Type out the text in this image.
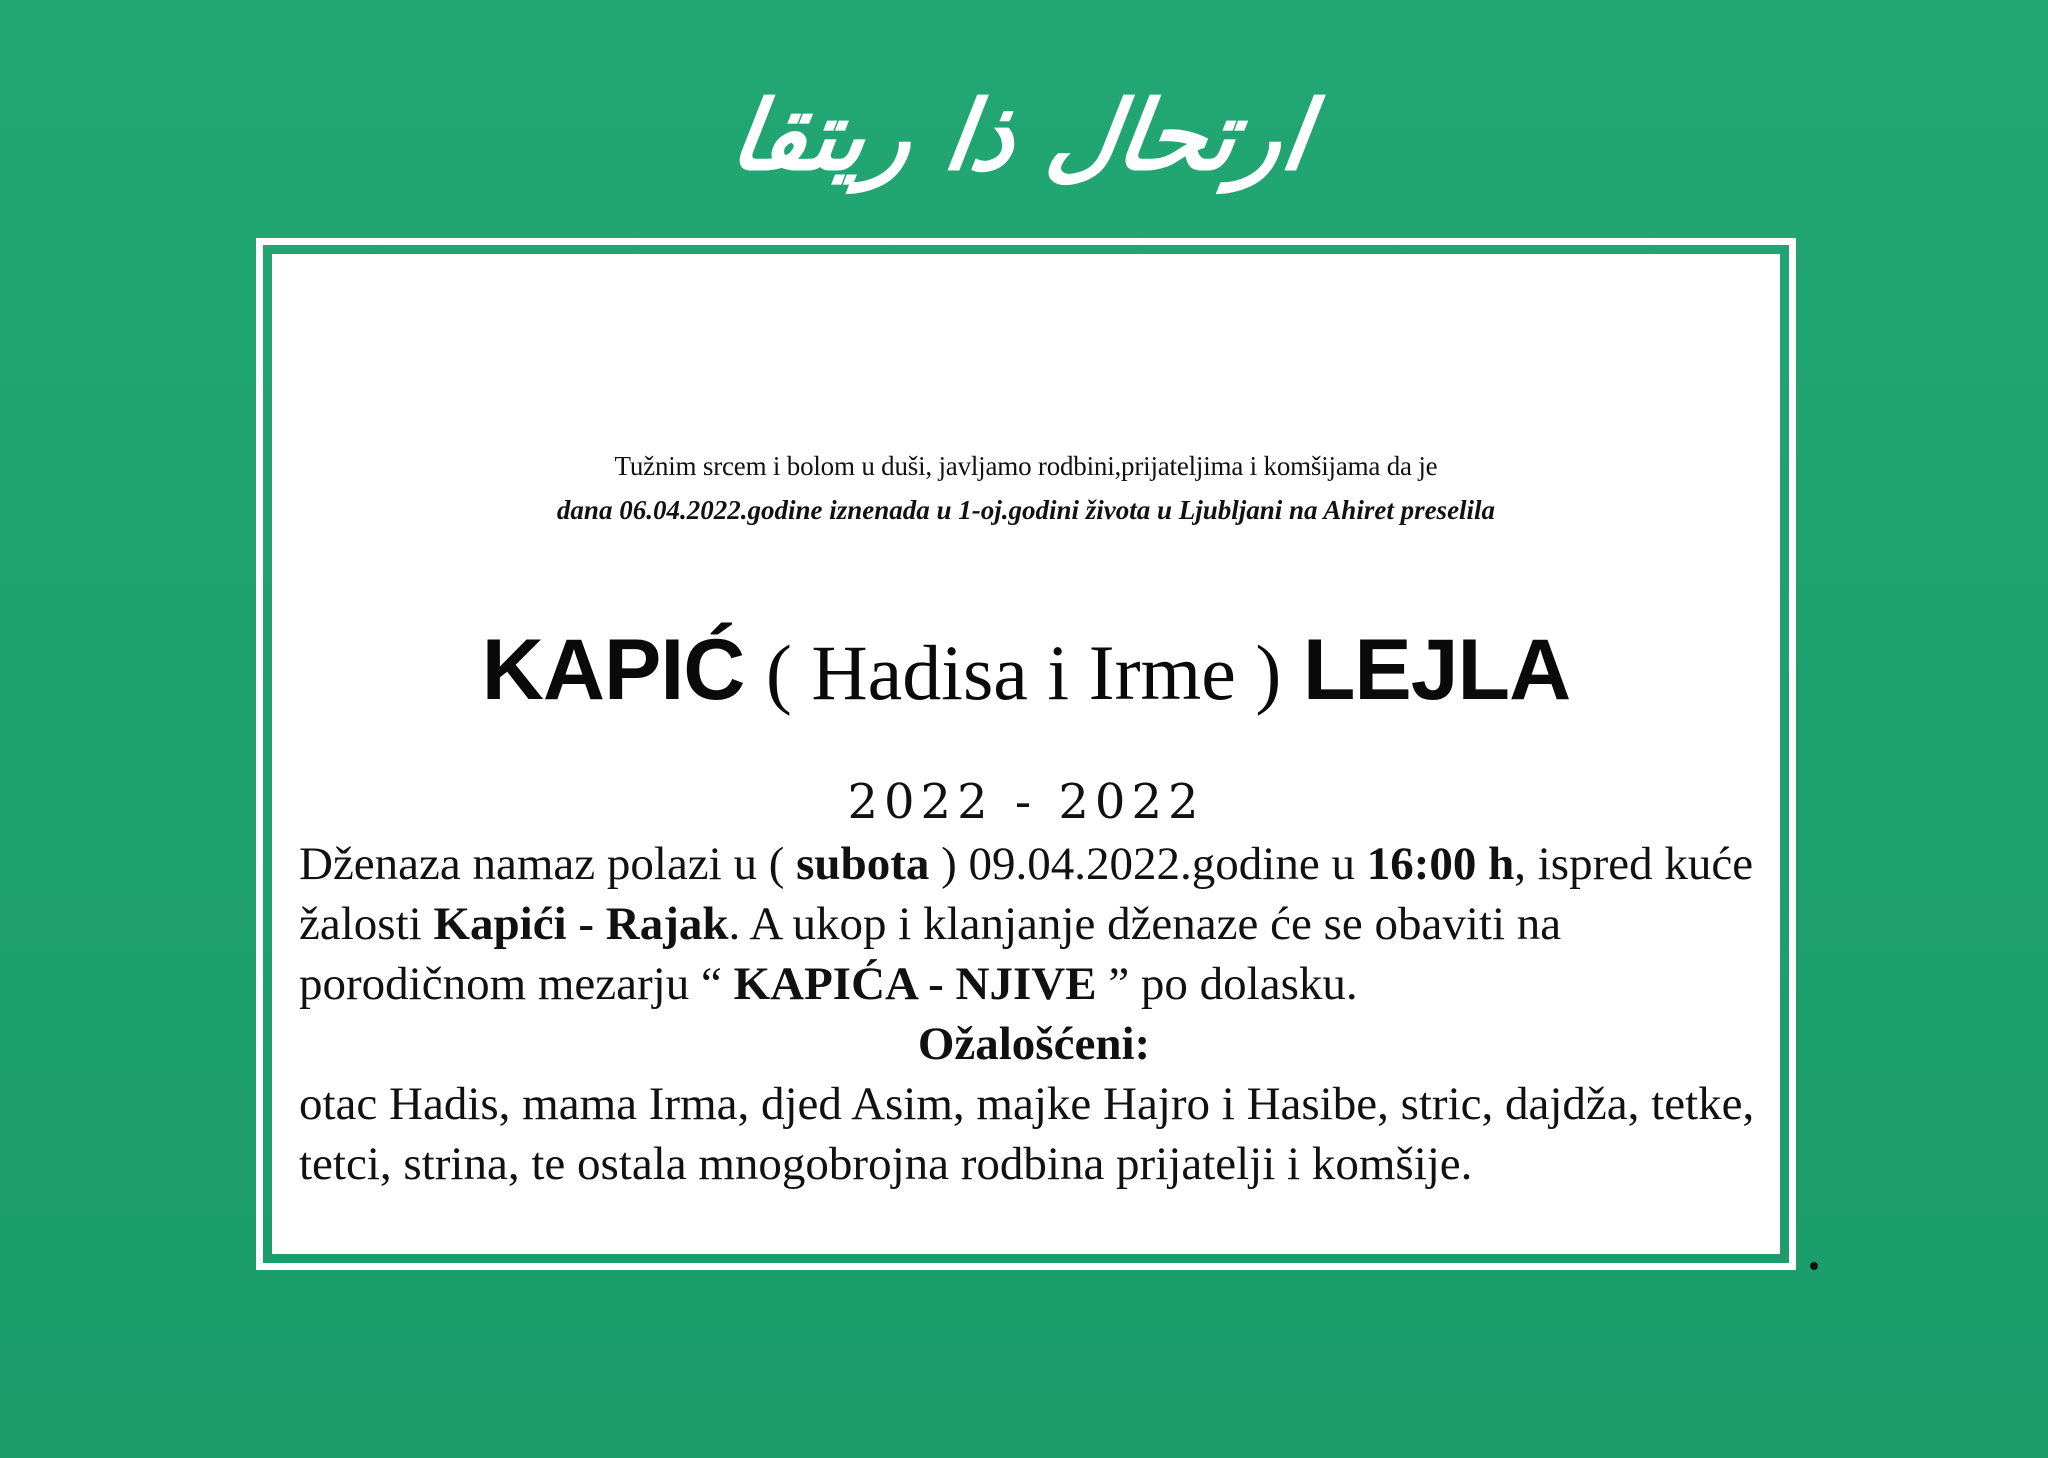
ارتحال ذا ريتقا
Tužnim srcem i bolom u duši, javljamo rodbini,prijateljima i komšijama da je
dana 06.04.2022.godine iznenada u 1-oj.godini života u Ljubljani na Ahiret preselila
KAPIĆ ( Hadisa i Irme ) LEJLA
2022 - 2022

Dženaza namaz polazi u ( subota ) 09.04.2022.godine u 16:00 h, ispred kuće žalosti Kapići - Rajak. A ukop i klanjanje dženaze će se obaviti na porodičnom mezarju “ KAPIĆA - NJIVE ” po dolasku.

Ožalošćeni:

otac Hadis, mama Irma, djed Asim, majke Hajro i Hasibe, stric, dajdža, tetke, tetci, strina, te ostala mnogobrojna rodbina prijatelji i komšije.
